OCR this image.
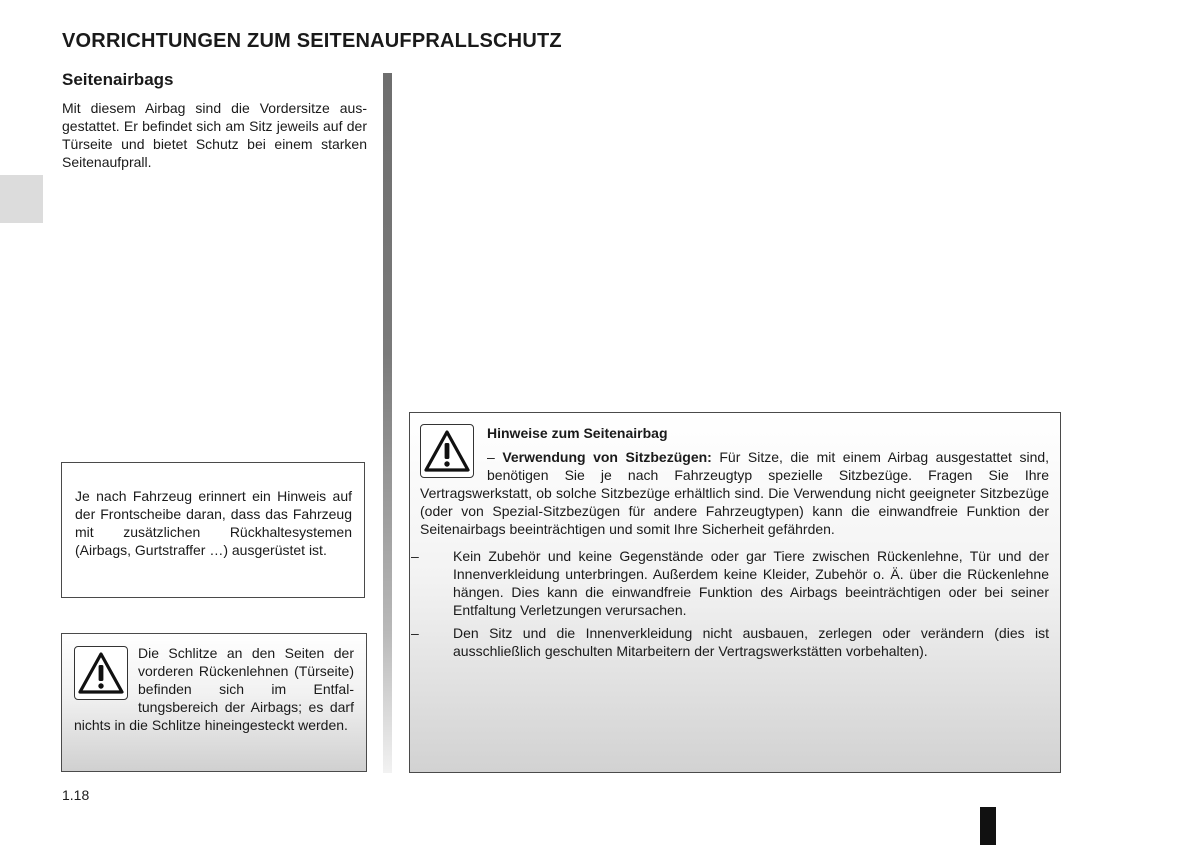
VORRICHTUNGEN ZUM SEITENAUFPRALLSCHUTZ
Seitenairbags
Mit diesem Airbag sind die Vordersitze ausgestattet. Er befindet sich am Sitz jeweils auf der Türseite und bietet Schutz bei einem starken Seitenaufprall.
Je nach Fahrzeug erinnert ein Hinweis auf der Frontscheibe daran, dass das Fahrzeug mit zusätzlichen Rückhaltesystemen (Airbags, Gurtstraffer …) ausgerüstet ist.
Die Schlitze an den Seiten der vorderen Rückenlehnen (Türseite) befinden sich im Entfaltungsbereich der Airbags; es darf nichts in die Schlitze hineingesteckt werden.
Hinweise zum Seitenairbag
– Verwendung von Sitzbezügen: Für Sitze, die mit einem Airbag ausgestattet sind, benötigen Sie je nach Fahrzeugtyp spezielle Sitzbezüge. Fragen Sie Ihre Vertragswerkstatt, ob solche Sitzbezüge erhältlich sind. Die Verwendung nicht geeigneter Sitzbezüge (oder von Spezial-Sitzbezügen für andere Fahrzeugtypen) kann die einwandfreie Funktion der Seitenairbags beeinträchtigen und somit Ihre Sicherheit gefährden.
– Kein Zubehör und keine Gegenstände oder gar Tiere zwischen Rückenlehne, Tür und der Innenverkleidung unterbringen. Außerdem keine Kleider, Zubehör o. Ä. über die Rückenlehne hängen. Dies kann die einwandfreie Funktion des Airbags beeinträchtigen oder bei seiner Entfaltung Verletzungen verursachen.
– Den Sitz und die Innenverkleidung nicht ausbauen, zerlegen oder verändern (dies ist ausschließlich geschulten Mitarbeitern der Vertragswerkstätten vorbehalten).
1.18
